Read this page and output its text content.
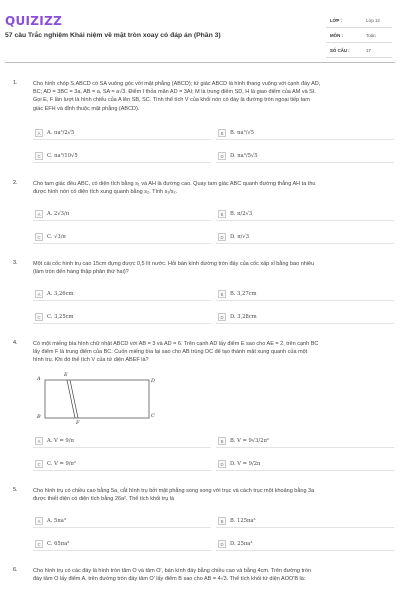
QUIZIZZ
57 câu Trắc nghiệm Khái niệm về mặt tròn xoay có đáp án (Phần 3)
LỚP :	Lớp 12
MÔN :	Toán
SỐ CÂU :	17
1.	Cho hình chóp S.ABCD có SA vuông góc với mặt phẳng (ABCD); tứ giác ABCD là hình thang vuông với cạnh đáy AD,
BC; AD = 3BC = 3a, AB = a, SA = a√3. Điểm I thỏa mãn AD = 3AI; M là trung điểm SD, H là giao điểm của AM và SI.
Gọi E, F lần lượt là hình chiếu của A lên SB, SC. Tính thể tích V của khối nón có đáy là đường tròn ngoại tiếp tam
giác EFH và đỉnh thuộc mặt phẳng (ABCD).
A	A. πa³/2√5	B	B. πa³/√5
C	C. πa³/10√5	D	D. πa³/5√5
2.	Cho tam giác đều ABC, có diện tích bằng s₁ và AH là đường cao. Quay tam giác ABC quanh đường thẳng AH ta thu
được hình nón có diện tích xung quanh bằng s₂. Tính s₁/s₂.
A	A. 2√3/π	B	B. π/2√3
C	C. √3/π	D	D. π/√3
3.	Một cái cốc hình trụ cao 15cm đựng được 0,5 lít nước. Hỏi bán kính đường tròn đáy của cốc xấp xỉ bằng bao nhiêu
(làm tròn đến hàng thập phân thứ hai)?
A	A. 3,26cm	B	B. 3,27cm
C	C. 3,25cm	D	D. 3,28cm
4.	Có một miếng bìa hình chữ nhật ABCD với AB = 3 và AD = 6. Trên cạnh AD lấy điểm E sao cho AE = 2, trên cạnh BC
lấy điểm F là trung điểm của BC. Cuốn miếng bìa lại sao cho AB trùng DC để tạo thành mặt xung quanh của một
hình trụ. Khi đó thể tích V của tứ diện ABEF là?
A
E
D
B
F
C
A	A. V = 9/π	B	B. V = 9√3/2π²
C	C. V = 9/π²	D	D. V = 9/2π
5.	Cho hình trụ có chiều cao bằng 5a, cắt hình trụ bởi mặt phẳng song song với trục và cách trục một khoảng bằng 3a
được thiết diện có diện tích bằng 26a². Thể tích khối trụ là
A	A. 5πa³	B	B. 125πa³
C	C. 65πa³	D	D. 25πa³
6.	Cho hình trụ có các đáy là hình tròn tâm O và tâm O', bán kính đáy bằng chiều cao và bằng 4cm. Trên đường tròn
đáy tâm O lấy điểm A, trên đường tròn đáy tâm O' lấy điểm B sao cho AB = 4√3. Thể tích khối tứ diện AOO'B là:
